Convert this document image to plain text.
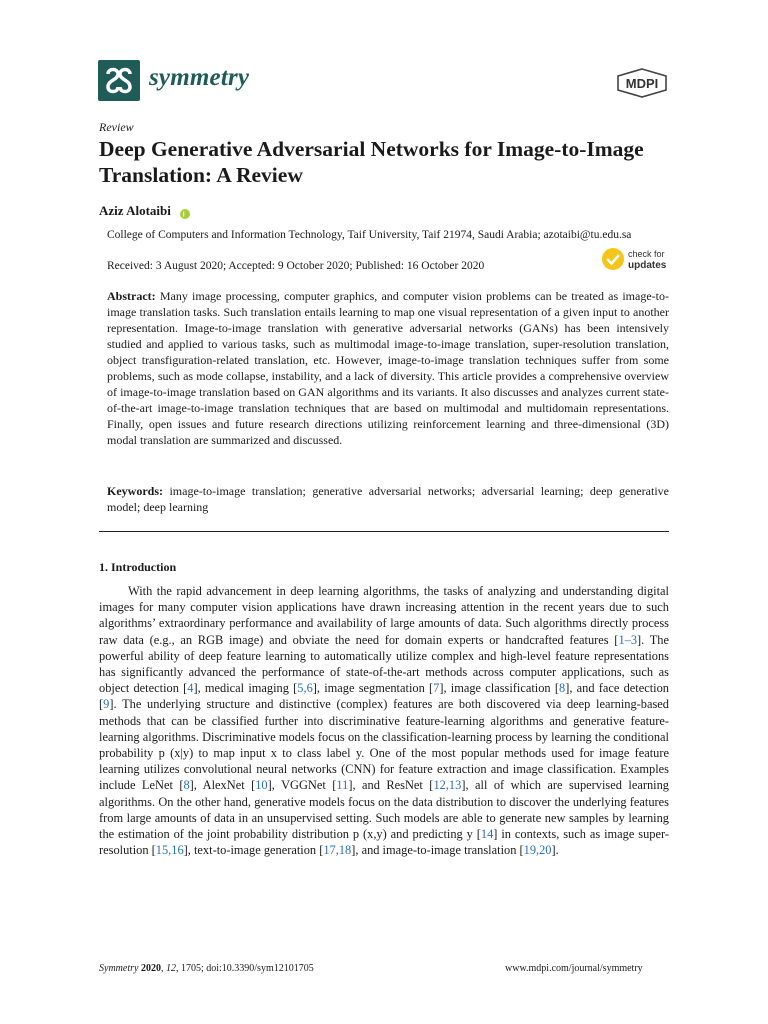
symmetry	MDPI
Review
Deep Generative Adversarial Networks for Image-to-Image Translation: A Review
Aziz Alotaibi
College of Computers and Information Technology, Taif University, Taif 21974, Saudi Arabia; azotaibi@tu.edu.sa
Received: 3 August 2020; Accepted: 9 October 2020; Published: 16 October 2020
check for
updates
Abstract: Many image processing, computer graphics, and computer vision problems can be treated as image-to-image translation tasks. Such translation entails learning to map one visual representation of a given input to another representation. Image-to-image translation with generative adversarial networks (GANs) has been intensively studied and applied to various tasks, such as multimodal image-to-image translation, super-resolution translation, object transfiguration-related translation, etc. However, image-to-image translation techniques suffer from some problems, such as mode collapse, instability, and a lack of diversity. This article provides a comprehensive overview of image-to-image translation based on GAN algorithms and its variants. It also discusses and analyzes current state-of-the-art image-to-image translation techniques that are based on multimodal and multidomain representations. Finally, open issues and future research directions utilizing reinforcement learning and three-dimensional (3D) modal translation are summarized and discussed.
Keywords: image-to-image translation; generative adversarial networks; adversarial learning; deep generative model; deep learning
1. Introduction
With the rapid advancement in deep learning algorithms, the tasks of analyzing and understanding digital images for many computer vision applications have drawn increasing attention in the recent years due to such algorithms’ extraordinary performance and availability of large amounts of data. Such algorithms directly process raw data (e.g., an RGB image) and obviate the need for domain experts or handcrafted features [1–3]. The powerful ability of deep feature learning to automatically utilize complex and high-level feature representations has significantly advanced the performance of state-of-the-art methods across computer applications, such as object detection [4], medical imaging [5,6], image segmentation [7], image classification [8], and face detection [9]. The underlying structure and distinctive (complex) features are both discovered via deep learning-based methods that can be classified further into discriminative feature-learning algorithms and generative feature-learning algorithms. Discriminative models focus on the classification-learning process by learning the conditional probability p (x|y) to map input x to class label y. One of the most popular methods used for image feature learning utilizes convolutional neural networks (CNN) for feature extraction and image classification. Examples include LeNet [8], AlexNet [10], VGGNet [11], and ResNet [12,13], all of which are supervised learning algorithms. On the other hand, generative models focus on the data distribution to discover the underlying features from large amounts of data in an unsupervised setting. Such models are able to generate new samples by learning the estimation of the joint probability distribution p (x,y) and predicting y [14] in contexts, such as image super-resolution [15,16], text-to-image generation [17,18], and image-to-image translation [19,20].
Symmetry 2020, 12, 1705; doi:10.3390/sym12101705	www.mdpi.com/journal/symmetry
